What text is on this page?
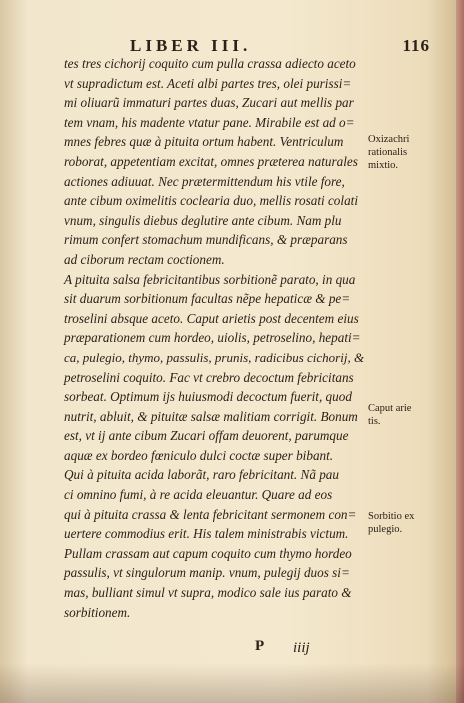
LIBER III.	116
tes tres cichorij coquito cum pulla crassa adiecto aceto
vt supradictum est. Aceti albi partes tres, olei purissi=
mi oliuarũ immaturi partes duas, Zucari aut mellis par
tem vnam, his madente vtatur pane. Mirabile est ad o=
mnes febres quæ à pituita ortum habent. Ventriculum
roborat, appetentiam excitat, omnes præterea naturales
actiones adiuuat. Nec prætermittendum his vtile fore,
ante cibum oximelitis coclearia duo, mellis rosati colati
vnum, singulis diebus deglutire ante cibum. Nam plu
rimum confert stomachum mundificans, & præparans
ad ciborum rectam coctionem.
A pituita salsa febricitantibus sorbitionẽ parato, in qua
sit duarum sorbitionum facultas nẽpe hepaticæ & pe=
troselini absque aceto. Caput arietis post decentem eius
præparationem cum hordeo, uiolis, petroselino, hepati=
ca, pulegio, thymo, passulis, prunis, radicibus cichorij, &
petroselini coquito. Fac vt crebro decoctum febricitans
sorbeat. Optimum ijs huiusmodi decoctum fuerit, quod
nutrit, abluit, & pituitæ salsæ malitiam corrigit. Bonum
est, vt ij ante cibum Zucari offam deuorent, parumque
aquæ ex bordeo fœniculo dulci coctæ super bibant.
Qui à pituita acida laborãt, raro febricitant. Nã pau
ci omnino fumi, à re acida eleuantur. Quare ad eos
qui à pituita crassa & lenta febricitant sermonem con=
uertere commodius erit. His talem ministrabis victum.
Pullam crassam aut capum coquito cum thymo hordeo
passulis, vt singulorum manip. vnum, pulegij duos si=
mas, bulliant simul vt supra, modico sale ius parato &
sorbitionem.
Oxizachri
rationalis
mixtio.
Caput arie
tis.
Sorbitio ex
pulegio.
P iiij
